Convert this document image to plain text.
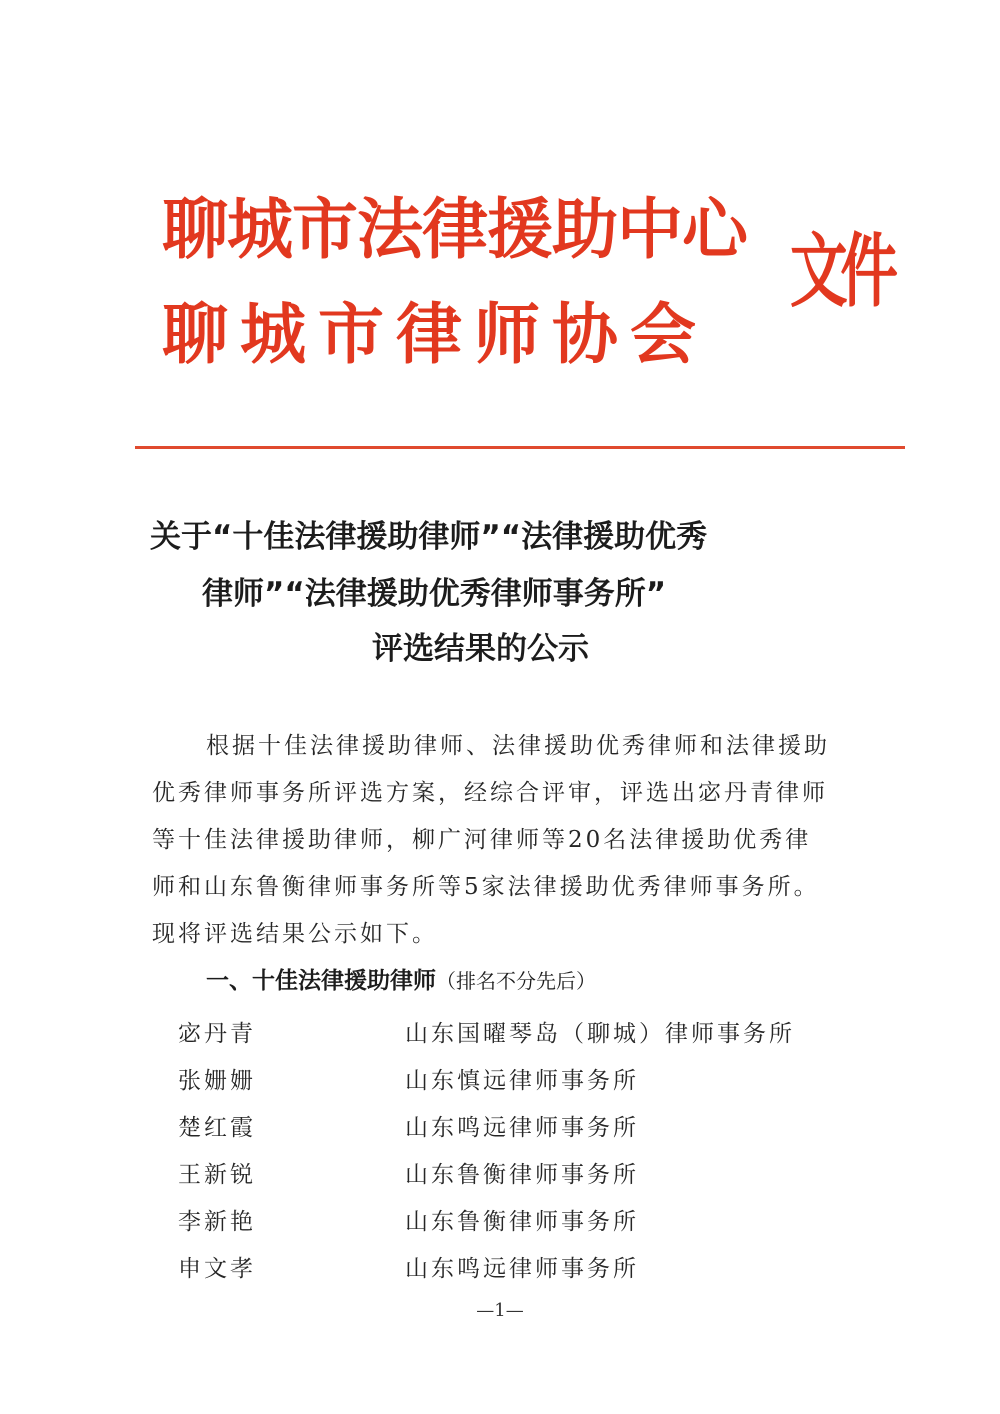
聊城市法律援助中心
聊城市律师协会
文件
关于“十佳法律援助律师”“法律援助优秀
律师”“法律援助优秀律师事务所”
评选结果的公示
根据十佳法律援助律师、法律援助优秀律师和法律援助
优秀律师事务所评选方案，经综合评审，评选出宓丹青律师
等十佳法律援助律师，柳广河律师等20名法律援助优秀律
师和山东鲁衡律师事务所等5家法律援助优秀律师事务所。
现将评选结果公示如下。
一、十佳法律援助律师（排名不分先后）
宓丹青	山东国曜琴岛（聊城）律师事务所
张姗姗	山东慎远律师事务所
楚红霞	山东鸣远律师事务所
王新锐	山东鲁衡律师事务所
李新艳	山东鲁衡律师事务所
申文孝	山东鸣远律师事务所
—1—
